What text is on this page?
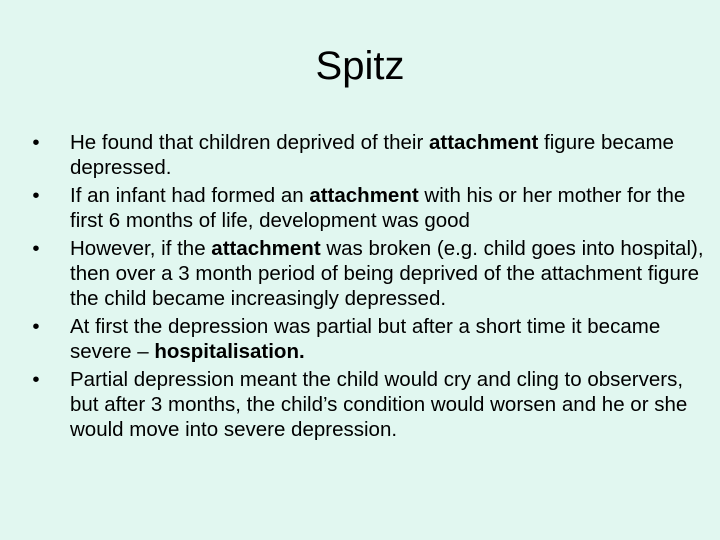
Spitz
• He found that children deprived of their attachment figure became depressed.
• If an infant had formed an attachment with his or her mother for the first 6 months of life, development was good
• However, if the attachment was broken (e.g. child goes into hospital), then over a 3 month period of being deprived of the attachment figure the child became increasingly depressed.
• At first the depression was partial but after a short time it became severe – hospitalisation.
• Partial depression meant the child would cry and cling to observers, but after 3 months, the child’s condition would worsen and he or she would move into severe depression.
